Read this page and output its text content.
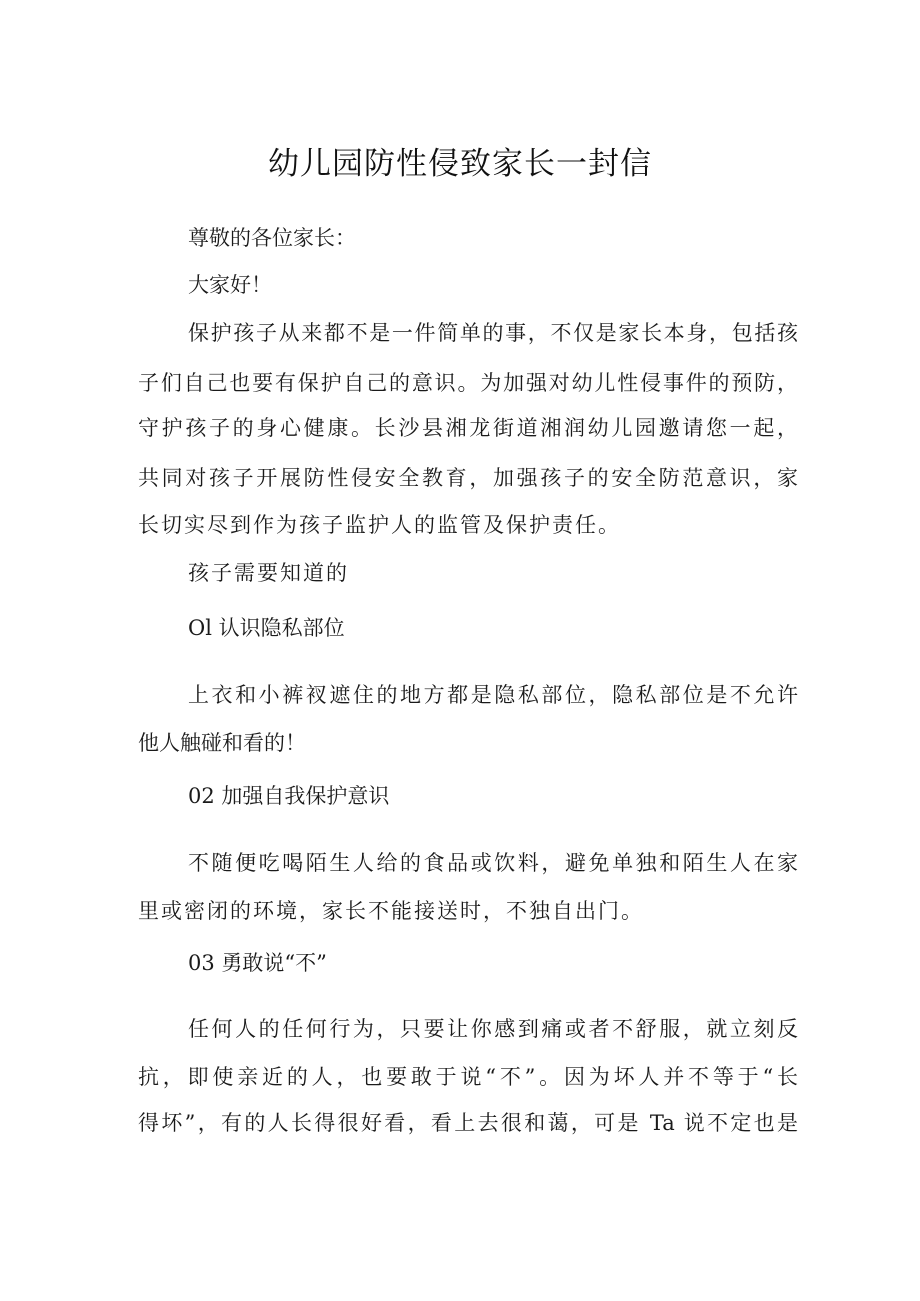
幼儿园防性侵致家长一封信

尊敬的各位家长：

大家好！

保护孩子从来都不是一件简单的事，不仅是家长本身，包括孩

子们自己也要有保护自己的意识。为加强对幼儿性侵事件的预防，

守护孩子的身心健康。长沙县湘龙街道湘润幼儿园邀请您一起，

共同对孩子开展防性侵安全教育，加强孩子的安全防范意识，家

长切实尽到作为孩子监护人的监管及保护责任。

孩子需要知道的

Ol 认识隐私部位

上衣和小裤衩遮住的地方都是隐私部位，隐私部位是不允许

他人触碰和看的！

02 加强自我保护意识

不随便吃喝陌生人给的食品或饮料，避免单独和陌生人在家

里或密闭的环境，家长不能接送时，不独自出门。

03 勇敢说“不”

任何人的任何行为，只要让你感到痛或者不舒服，就立刻反

抗，即使亲近的人，也要敢于说“不”。因为坏人并不等于“长

得坏”，有的人长得很好看，看上去很和蔼，可是 Ta 说不定也是
